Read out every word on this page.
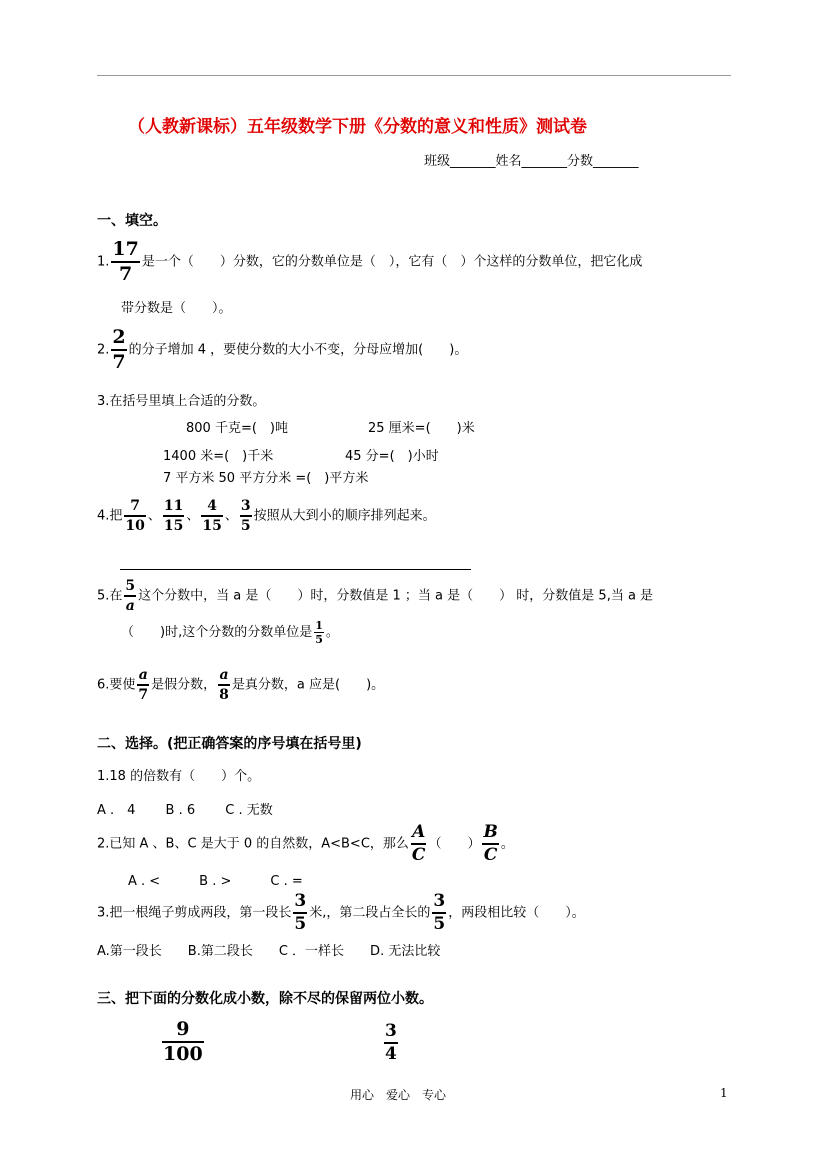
（人教新课标）五年级数学下册《分数的意义和性质》测试卷
班级_______姓名_______分数_______
一、填空。
1. $\frac{17}{7}$ 是一个（　　）分数，它的分数单位是（　），它有（　）个这样的分数单位，把它化成
带分数是（　　）。
2. $\frac{2}{7}$ 的分子增加 4 ，要使分数的大小不变，分母应增加(　　)。
3.在括号里填上合适的分数。
800 千克=(　)吨	25 厘米=(　　)米
1400 米=(　)千米	45 分=(　)小时
7 平方米 50 平方分米 =(　)平方米
4.把 $\frac{7}{10}$ 、 $\frac{11}{15}$ 、 $\frac{4}{15}$ 、 $\frac{3}{5}$ 按照从大到小的顺序排列起来。
5.在 $\frac{5}{a}$ 这个分数中，当 a 是（　　）时，分数值是 1 ；当 a 是（　　） 时，分数值是 5,当 a 是
（　　)时,这个分数的分数单位是 $\frac{1}{5}$ 。
6.要使 $\frac{a}{7}$ 是假分数， $\frac{a}{8}$ 是真分数，a 应是(　　)。
二、选择。(把正确答案的序号填在括号里)
1.18 的倍数有（　　）个。
A .　4　　 B . 6　　 C . 无数
2.已知 A 、B、C 是大于 0 的自然数，A<B<C，那么 $\frac{A}{C}$ （　　） $\frac{B}{C}$ 。
A . <　　　B . >　　　C . =
3.把一根绳子剪成两段，第一段长 $\frac{3}{5}$ 米,，第二段占全长的 $\frac{3}{5}$ ，两段相比较（　　）。
A.第一段长　　B.第二段长　　C ．一样长　　D. 无法比较
三、把下面的分数化成小数，除不尽的保留两位小数。
$\frac{9}{100}$	$\frac{3}{4}$
用心　爱心　专心	1
